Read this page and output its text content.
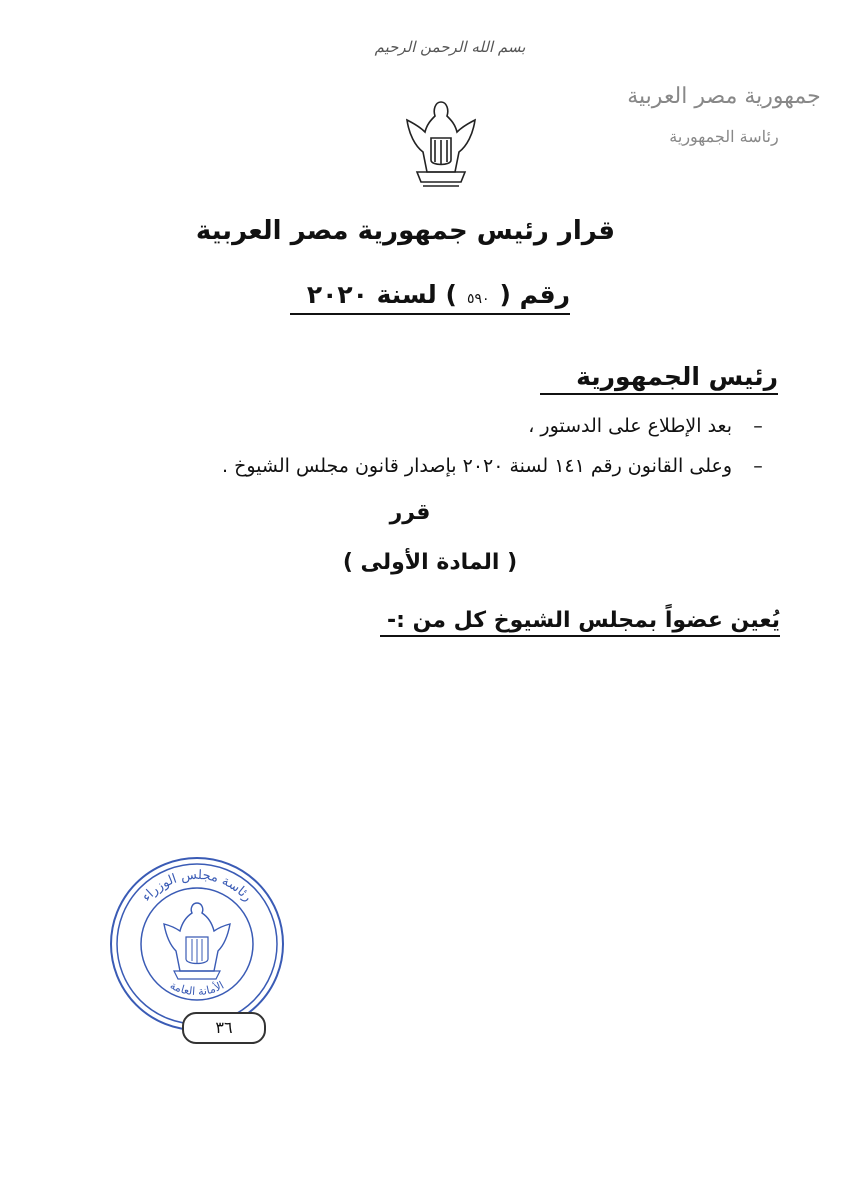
بسم الله الرحمن الرحيم
جمهورية مصر العربية
رئاسة الجمهورية
قرار رئيس جمهورية مصر العربية
رقم (٥٩٠) لسنة ٢٠٢٠
رئيس الجمهورية
–بعد الإطلاع على الدستور ،
–وعلى القانون رقم ١٤١ لسنة ٢٠٢٠ بإصدار قانون مجلس الشيوخ .
قرر
( المادة الأولى )
يُعين عضواً بمجلس الشيوخ كل من :-
رئاسة مجلس الوزراء
الأمانة العامة
٣٦
